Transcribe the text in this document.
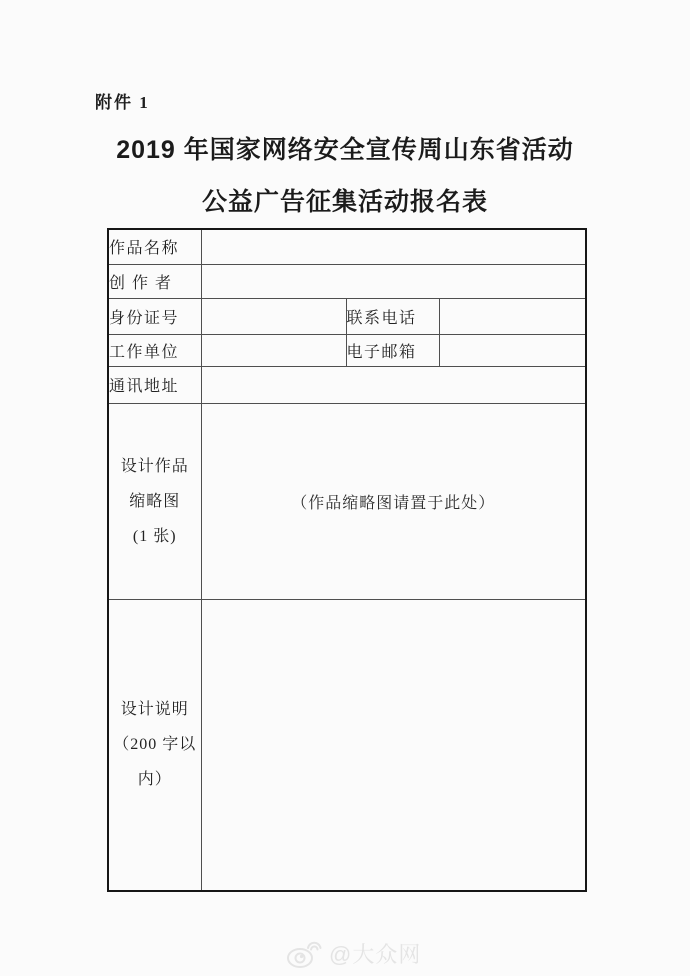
附件 1
2019 年国家网络安全宣传周山东省活动
公益广告征集活动报名表
作品名称			
创 作 者			
身份证号		联系电话	
工作单位		电子邮箱	
通讯地址			

设计作品
缩略图
(1 张)	（作品缩略图请置于此处）		

设计说明
（200 字以
内）			

@大众网
